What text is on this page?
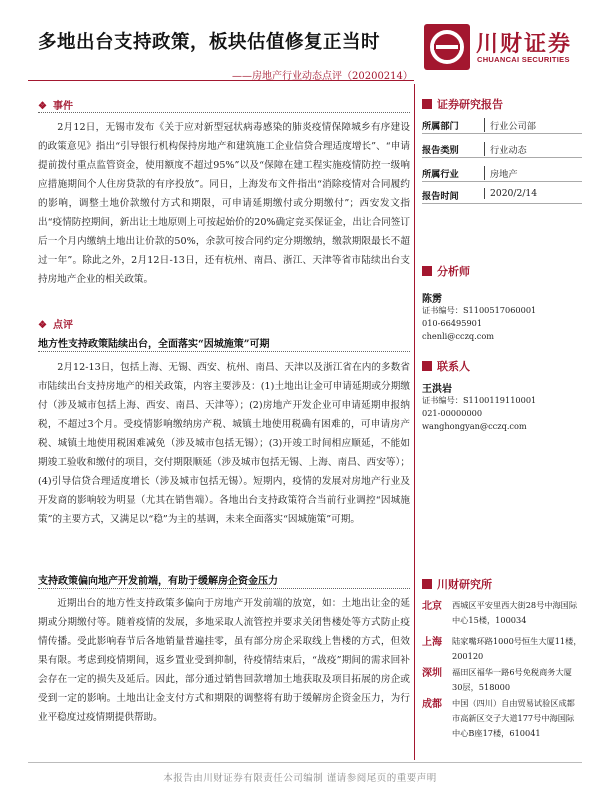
多地出台支持政策，板块估值修复正当时
——房地产行业动态点评（20200214）
川财证券
CHUANCAI SECURITIES
❖ 事件

2月12日，无锡市发布《关于应对新型冠状病毒感染的肺炎疫情保障城乡有序建设的政策意见》指出“引导银行机构保持房地产和建筑施工企业信贷合理适度增长”、“申请提前拨付重点监管资金，使用额度不超过95%”以及“保障在建工程实施疫情防控一级响应措施期间个人住房贷款的有序投放”。同日，上海发布文件指出“消除疫情对合同履约的影响，调整土地价款缴付方式和期限，可申请延期缴付或分期缴付”；西安发文指出“疫情防控期间，新出让土地原则上可按起始价的20%确定竞买保证金，出让合同签订后一个月内缴纳土地出让价款的50%，余款可按合同约定分期缴纳，缴款期限最长不超过一年”。除此之外，2月12日-13日，还有杭州、南昌、浙江、天津等省市陆续出台支持房地产企业的相关政策。

❖ 点评
地方性支持政策陆续出台，全面落实“因城施策”可期

2月12-13日，包括上海、无锡、西安、杭州、南昌、天津以及浙江省在内的多数省市陆续出台支持房地产的相关政策，内容主要涉及：(1)土地出让金可申请延期或分期缴付（涉及城市包括上海、西安、南昌、天津等）；(2)房地产开发企业可申请延期申报纳税，不超过3个月。受疫情影响缴纳房产税、城镇土地使用税确有困难的，可申请房产税、城镇土地使用税困难减免（涉及城市包括无锡）；(3)开竣工时间相应顺延，不能如期竣工验收和缴付的项目，交付期限顺延（涉及城市包括无锡、上海、南昌、西安等）；(4)引导信贷合理适度增长（涉及城市包括无锡）。短期内，疫情的发展对房地产行业及开发商的影响较为明显（尤其在销售端）。各地出台支持政策符合当前行业调控“因城施策”的主要方式，又满足以“稳”为主的基调，未来全面落实“因城施策”可期。

支持政策偏向地产开发前端，有助于缓解房企资金压力

近期出台的地方性支持政策多偏向于房地产开发前端的放宽，如：土地出让金的延期或分期缴付等。随着疫情的发展，多地采取人流管控并要求关闭售楼处等方式防止疫情传播。受此影响春节后各地销量普遍挂零，虽有部分房企采取线上售楼的方式，但效果有限。考虑到疫情期间，返乡置业受到抑制，待疫情结束后，“战疫”期间的需求回补会存在一定的损失及延后。因此，部分通过销售回款增加土地获取及项目拓展的房企或受到一定的影响。土地出让金支付方式和期限的调整将有助于缓解房企资金压力，为行业平稳度过疫情期提供帮助。

证券研究报告
所属部门	行业公司部
报告类别	行业动态
所属行业	房地产
报告时间	2020/2/14
分析师
陈雳
证书编号：S1100517060001
010-66495901
chenli@cczq.com
联系人
王洪岩
证书编号：S1100119110001
021-00000000
wanghongyan@cczq.com
川财研究所
北京 西城区平安里西大街28号中海国际中心15楼，100034
上海 陆家嘴环路1000号恒生大厦11楼，200120
深圳 福田区福华一路6号免税商务大厦30层，518000
成都 中国（四川）自由贸易试验区成都市高新区交子大道177号中海国际中心B座17楼，610041
本报告由川财证券有限责任公司编制 谨请参阅尾页的重要声明
